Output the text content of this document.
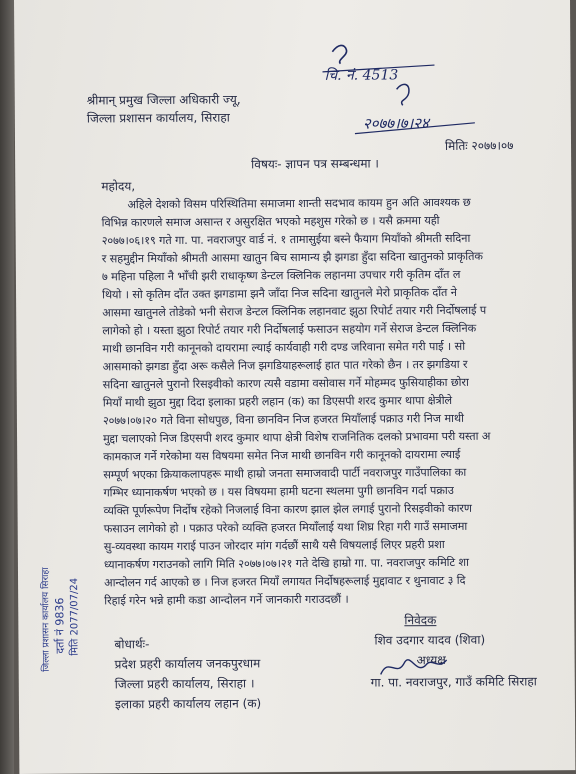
चि. नं. 4513
२०७७।७।२४
श्रीमान् प्रमुख जिल्ला अधिकारी ज्यू,
जिल्ला प्रशासन कार्यालय, सिराहा
मितिः २०७७।०७
विषयः- ज्ञापन पत्र सम्बन्धमा ।
महोदय,
अहिले देशको विसम परिस्थितिमा समाजमा शान्ती सदभाव कायम हुन अति आवश्यक छ
विभिन्न कारणले समाज असान्त र असुरक्षित भएको महशुस गरेको छ । यसै क्रममा यही
२०७७।०६।१९ गते गा. पा. नवराजपुर वार्ड नं. १ तामासुईया बस्ने फैयाग मियाँको श्रीमती सदिना
र सहमुद्दीन मियाँको श्रीमती आसमा खातुन बिच सामान्य झै झगडा हुँदा सदिना खातुनको प्राकृतिक
७ महिना पहिला नै भाँची झरी राधाकृष्ण डेन्टल क्लिनिक लहानमा उपचार गरी कृतिम दाँत ल
थियो । सो कृतिम दाँत उक्त झगडामा झनै जाँदा निज सदिना खातुनले मेरो प्राकृतिक दाँत ने
आसमा खातुनले तोडेको भनी सेराज डेन्टल क्लिनिक लहानवाट झुठा रिपोर्ट तयार गरी निर्दोषलाई प
लागेको हो । यस्ता झुठा रिपोर्ट तयार गरी निर्दोषलाई फसाउन सहयोग गर्ने सेराज डेन्टल क्लिनिक
माथी छानविन गरी कानूनको दायरामा ल्याई कार्यवाही गरी दण्ड जरिवाना समेत गरी पार्ई । सो
आसमाको झगडा हुँदा अरू कसैले निज झगडियाहरूलाई हात पात गरेको छैन । तर झगडिया र
सदिना खातुनले पुरानो रिसइवीको कारण त्यसै वडामा वसोवास गर्ने मोहम्मद फुसियाहीका छोरा
मियाँ माथी झुठा मुद्दा दिदा इलाका प्रहरी लहान (क) का डिएसपी शरद कुमार थापा क्षेत्रीले
२०७७।०७।२० गते विना सोधपुछ, विना छानविन निज हजरत मियाँलाई पक्राउ गरी निज माथी
मुद्दा चलाएको निज डिएसपी शरद कुमार थापा क्षेत्री विशेष राजनितिक दलको प्रभावमा परी यस्ता अ
कामकाज गर्ने गरेकोमा यस विषयमा समेत निज माथी छानविन गरी कानूनको दायरामा ल्याई
सम्पूर्ण भएका क्रियाकलापहरू माथी हाम्रो जनता समाजवादी पार्टी नवराजपुर गाउँपालिका का
गम्भिर ध्यानाकर्षण भएको छ । यस विषयमा हामी घटना स्थलमा पुगी छानविन गर्दा पक्राउ
व्यक्ति पूर्णरूपेण निर्दोष रहेको निजलाई विना कारण झाल झेल लगाई पुरानो रिसइवीको कारण
फसाउन लागेको हो । पक्राउ परेको व्यक्ति हजरत मियाँलाई यथा शिघ्र रिहा गरी गाउँ समाजमा
सु-व्यवस्था कायम गराई पाउन जोरदार मांग गर्दछौं साथै यसै विषयलाई लिएर प्रहरी प्रशा
ध्यानाकर्षण गराउनको लागि मिति २०७७।०७।२१ गते देखि हाम्रो गा. पा. नवराजपुर कमिटि शा
आन्दोलन गर्द आएको छ । निज हजरत मियाँ लगायत निर्दोषहरूलाई मुद्दावाट र थुनावाट ३ दि
रिहाई गरेन भन्ने हामी कडा आन्दोलन गर्ने जानकारी गराउदछौं ।
निवेदक
शिव उदगार यादव (शिवा)
अध्यक्ष
गा. पा. नवराजपुर, गाउँ कमिटि सिराहा
बोधार्थः-
प्रदेश प्रहरी कार्यालय जनकपुरधाम
जिल्ला प्रहरी कार्यालय, सिराहा ।
इलाका प्रहरी कार्यालय लहान (क)
जिल्ला प्रशासन कार्यालय सिराहा दर्ता नं 9836 मिति 2077/07/24
